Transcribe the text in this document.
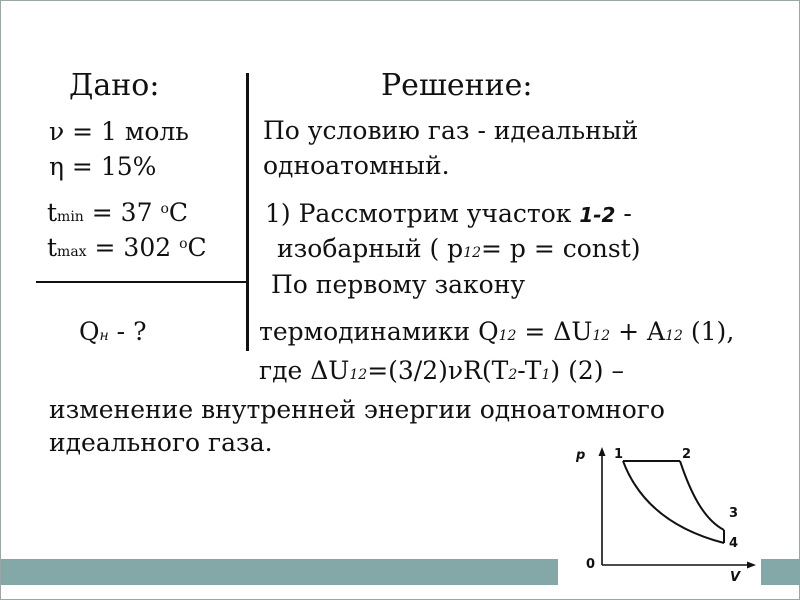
Дано:	Решение:
ν = 1 моль
η = 15%
tmin = 37 $^o$C
tmax = 302 $^o$C
Qн - ?
По условию газ - идеальный
одноатомный.
1) Рассмотрим участок 1-2 -
изобарный ( p12= p = const)
По первому закону
термодинамики Q12 = ΔU12 + A12 (1),
где ΔU12=(3/2)νR(T2-T1) (2) –
изменение внутренней энергии одноатомного
идеального газа.	p
V
0
1	2
3
4
